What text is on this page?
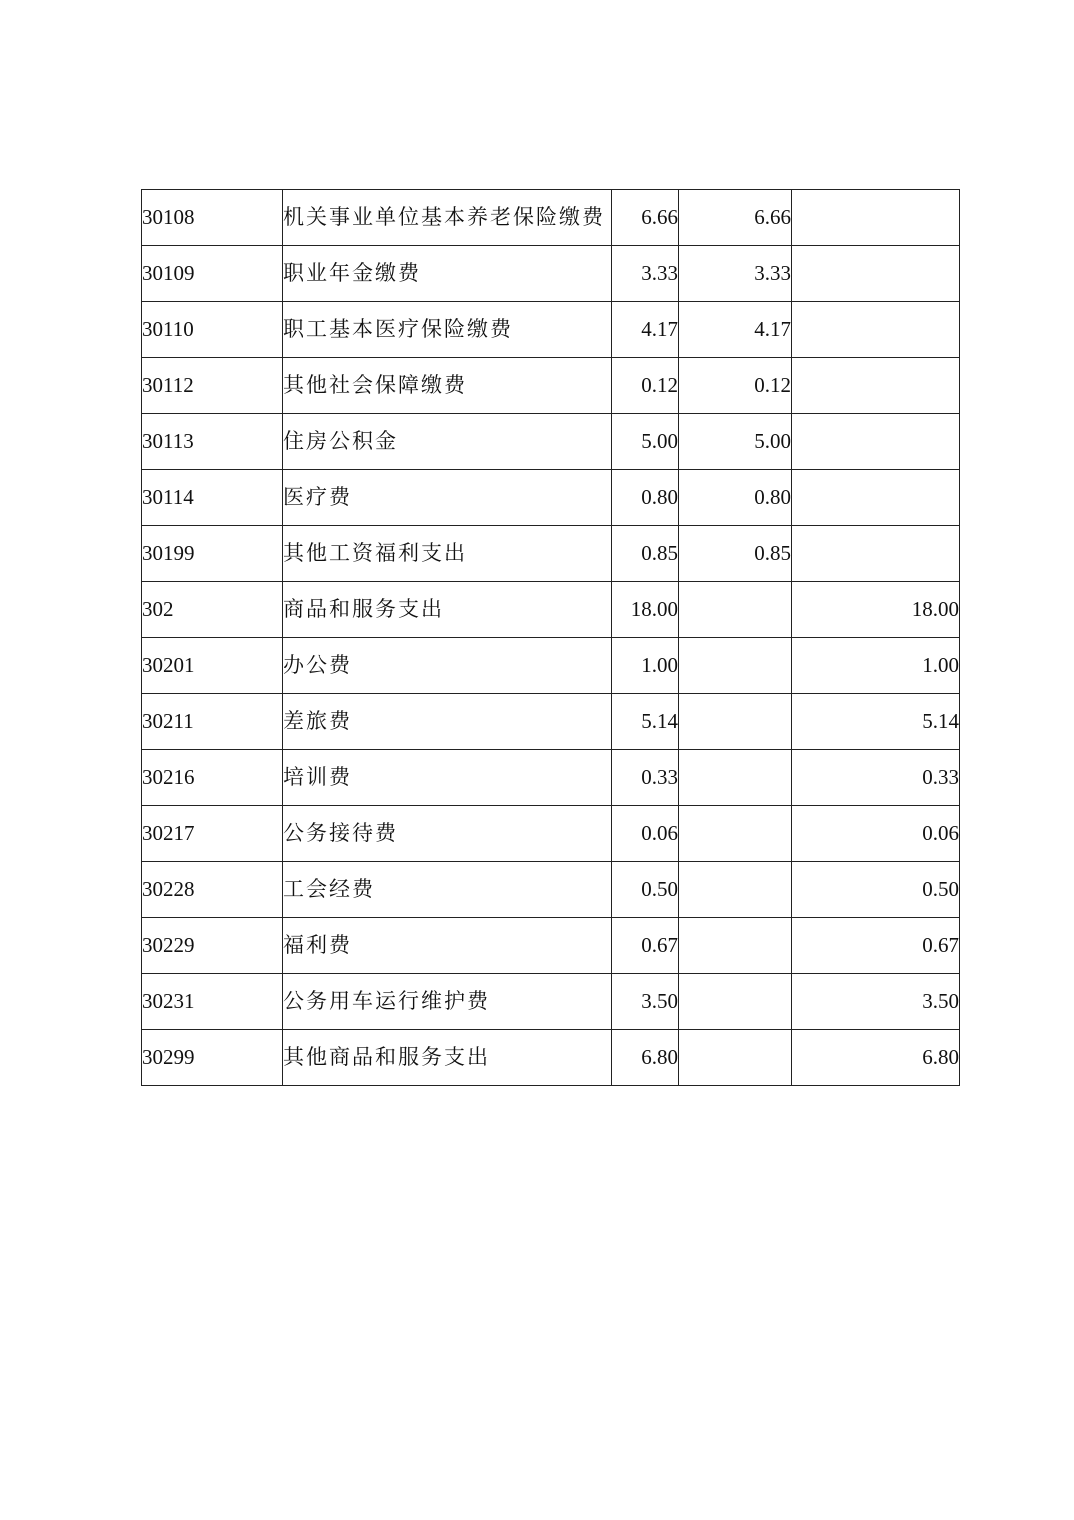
30108	机关事业单位基本养老保险缴费	6.66	6.66	
30109	职业年金缴费	3.33	3.33	
30110	职工基本医疗保险缴费	4.17	4.17	
30112	其他社会保障缴费	0.12	0.12	
30113	住房公积金	5.00	5.00	
30114	医疗费	0.80	0.80	
30199	其他工资福利支出	0.85	0.85	
302	商品和服务支出	18.00		18.00
30201	办公费	1.00		1.00
30211	差旅费	5.14		5.14
30216	培训费	0.33		0.33
30217	公务接待费	0.06		0.06
30228	工会经费	0.50		0.50
30229	福利费	0.67		0.67
30231	公务用车运行维护费	3.50		3.50
30299	其他商品和服务支出	6.80		6.80
